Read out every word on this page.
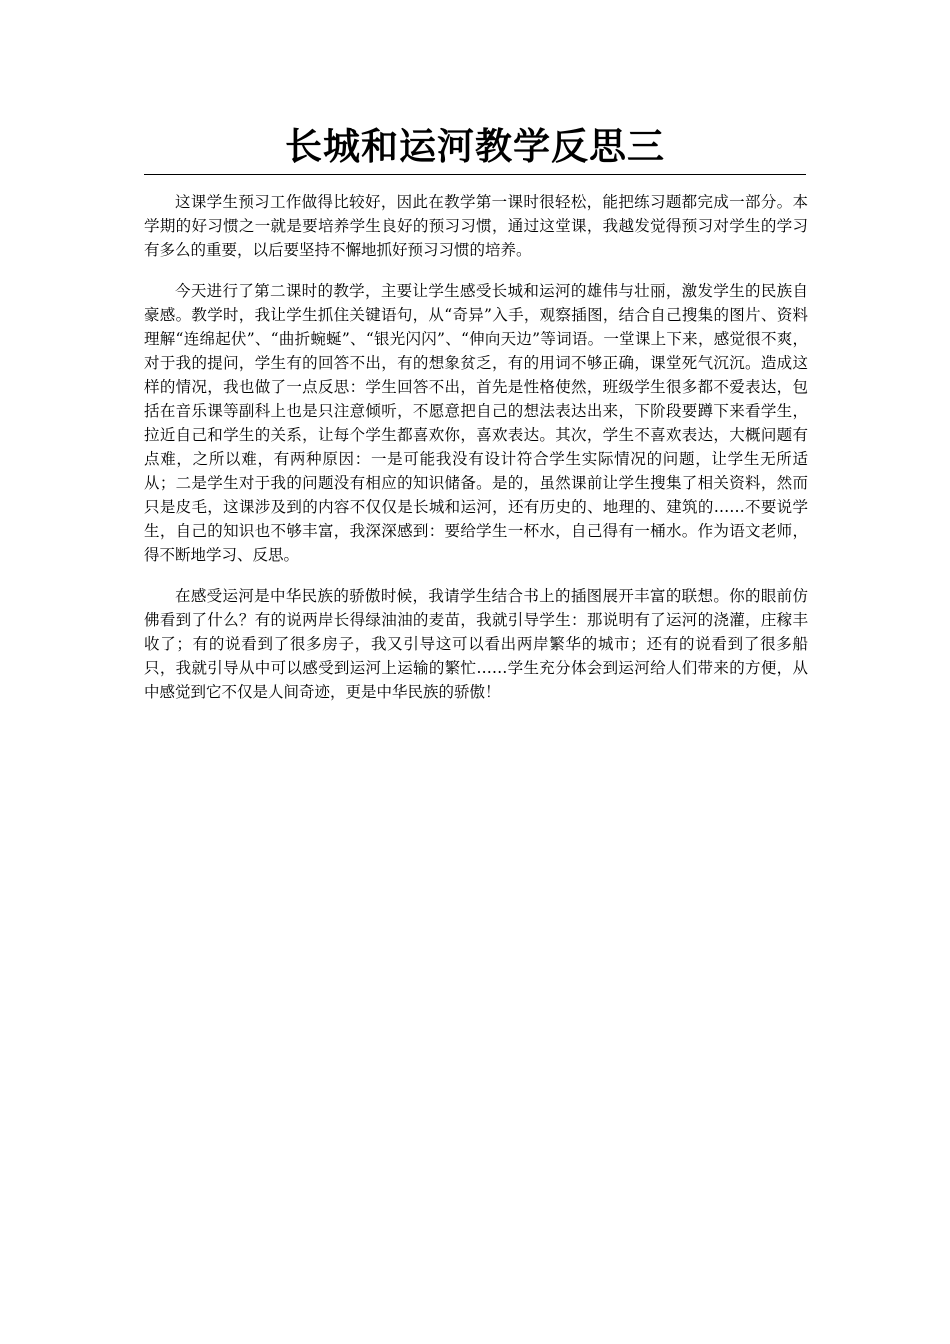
长城和运河教学反思三

这课学生预习工作做得比较好，因此在教学第一课时很轻松，能把练习题都完成一部分。本学期的好习惯之一就是要培养学生良好的预习习惯，通过这堂课，我越发觉得预习对学生的学习有多么的重要，以后要坚持不懈地抓好预习习惯的培养。

今天进行了第二课时的教学，主要让学生感受长城和运河的雄伟与壮丽，激发学生的民族自豪感。教学时，我让学生抓住关键语句，从“奇异”入手，观察插图，结合自己搜集的图片、资料理解“连绵起伏”、“曲折蜿蜒”、“银光闪闪”、“伸向天边”等词语。一堂课上下来，感觉很不爽，对于我的提问，学生有的回答不出，有的想象贫乏，有的用词不够正确，课堂死气沉沉。造成这样的情况，我也做了一点反思：学生回答不出，首先是性格使然，班级学生很多都不爱表达，包括在音乐课等副科上也是只注意倾听，不愿意把自己的想法表达出来，下阶段要蹲下来看学生，拉近自己和学生的关系，让每个学生都喜欢你，喜欢表达。其次，学生不喜欢表达，大概问题有点难，之所以难，有两种原因：一是可能我没有设计符合学生实际情况的问题，让学生无所适从；二是学生对于我的问题没有相应的知识储备。是的，虽然课前让学生搜集了相关资料，然而只是皮毛，这课涉及到的内容不仅仅是长城和运河，还有历史的、地理的、建筑的……不要说学生，自己的知识也不够丰富，我深深感到：要给学生一杯水，自己得有一桶水。作为语文老师，得不断地学习、反思。

在感受运河是中华民族的骄傲时候，我请学生结合书上的插图展开丰富的联想。你的眼前仿佛看到了什么？有的说两岸长得绿油油的麦苗，我就引导学生：那说明有了运河的浇灌，庄稼丰收了；有的说看到了很多房子，我又引导这可以看出两岸繁华的城市；还有的说看到了很多船只，我就引导从中可以感受到运河上运输的繁忙……学生充分体会到运河给人们带来的方便，从中感觉到它不仅是人间奇迹，更是中华民族的骄傲！
